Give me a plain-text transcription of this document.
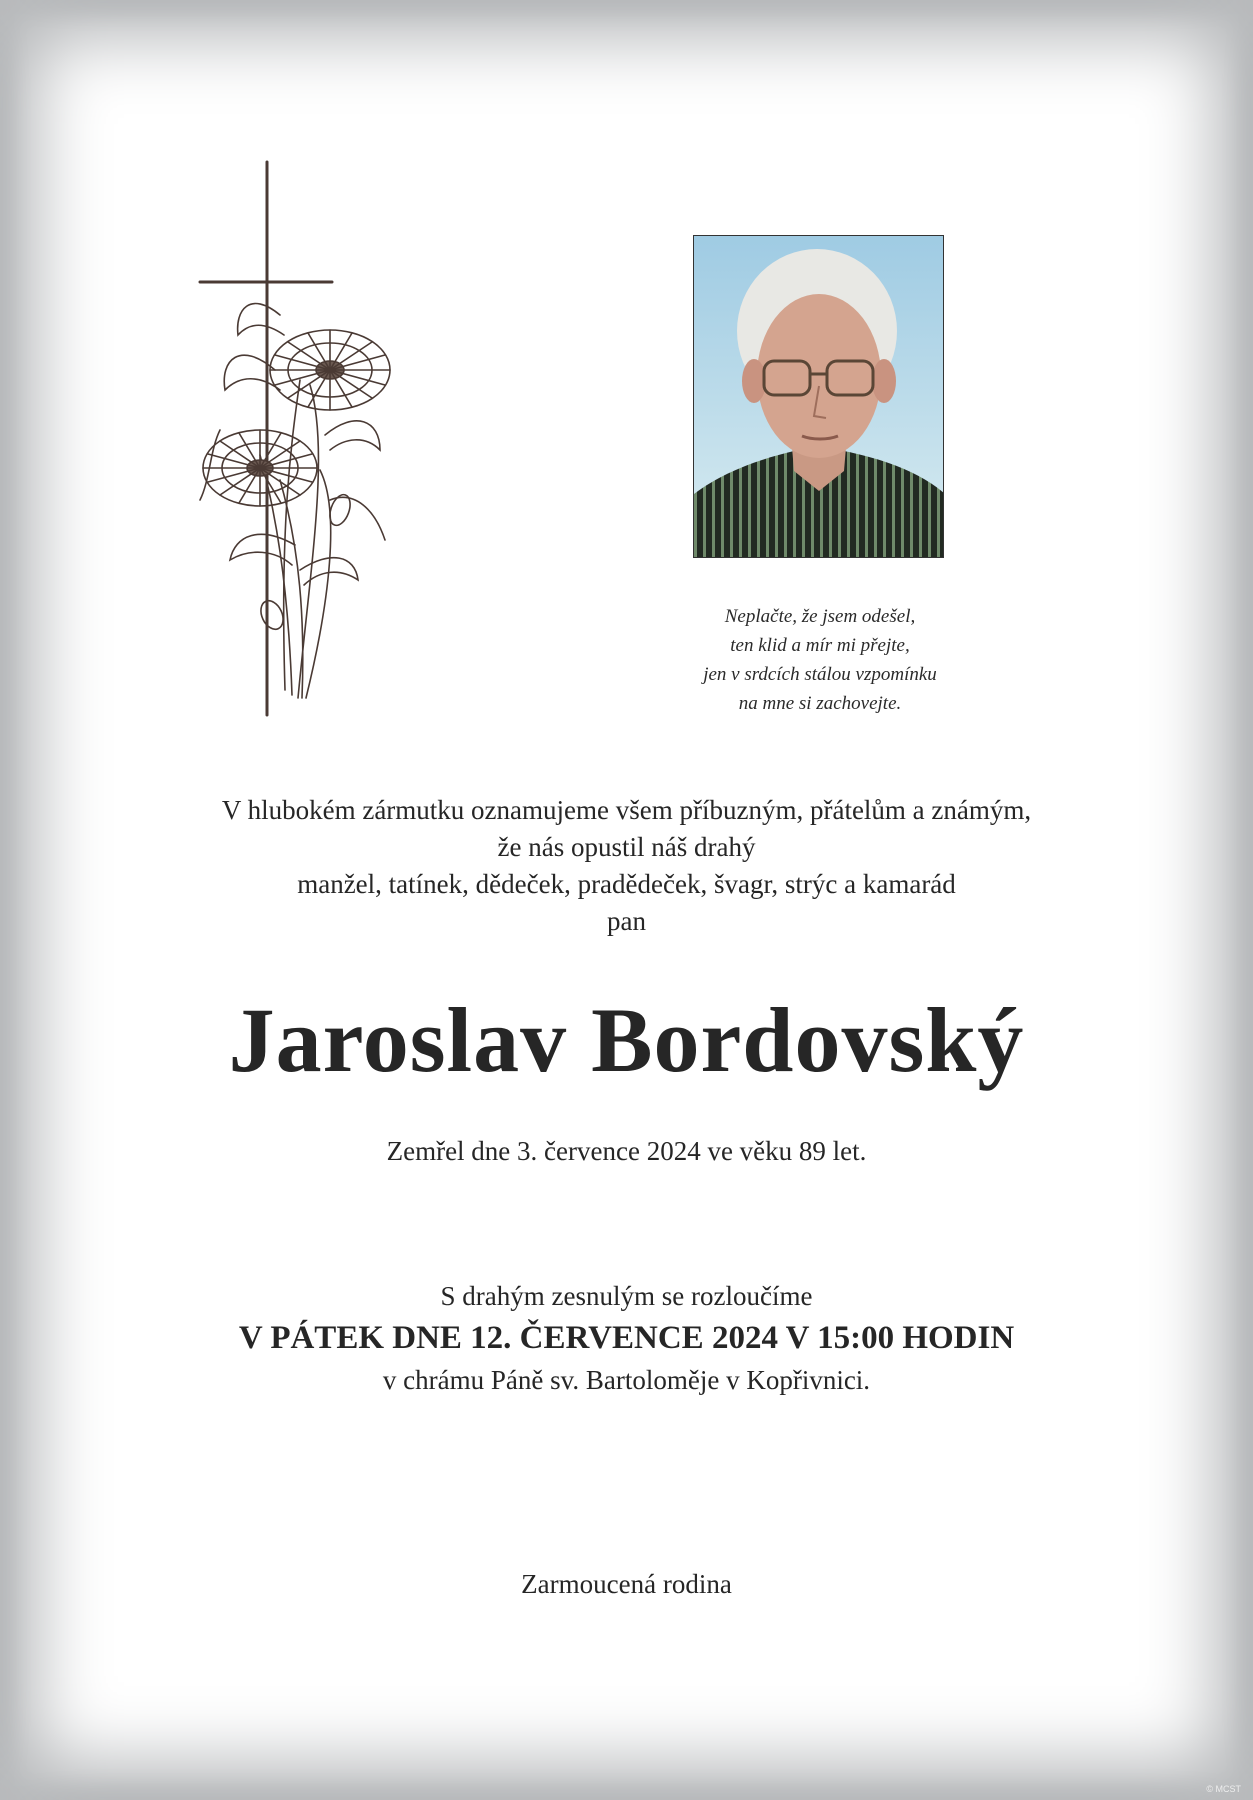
Neplačte, že jsem odešel,
ten klid a mír mi přejte,
jen v srdcích stálou vzpomínku
na mne si zachovejte.
V hlubokém zármutku oznamujeme všem příbuzným, přátelům a známým,
že nás opustil náš drahý
manžel, tatínek, dědeček, pradědeček, švagr, strýc a kamarád
pan
Jaroslav Bordovský
Zemřel dne 3. července 2024 ve věku 89 let.
S drahým zesnulým se rozloučíme
V PÁTEK DNE 12. ČERVENCE 2024 V 15:00 HODIN
v chrámu Páně sv. Bartoloměje v Kopřivnici.
Zarmoucená rodina
© MCST
